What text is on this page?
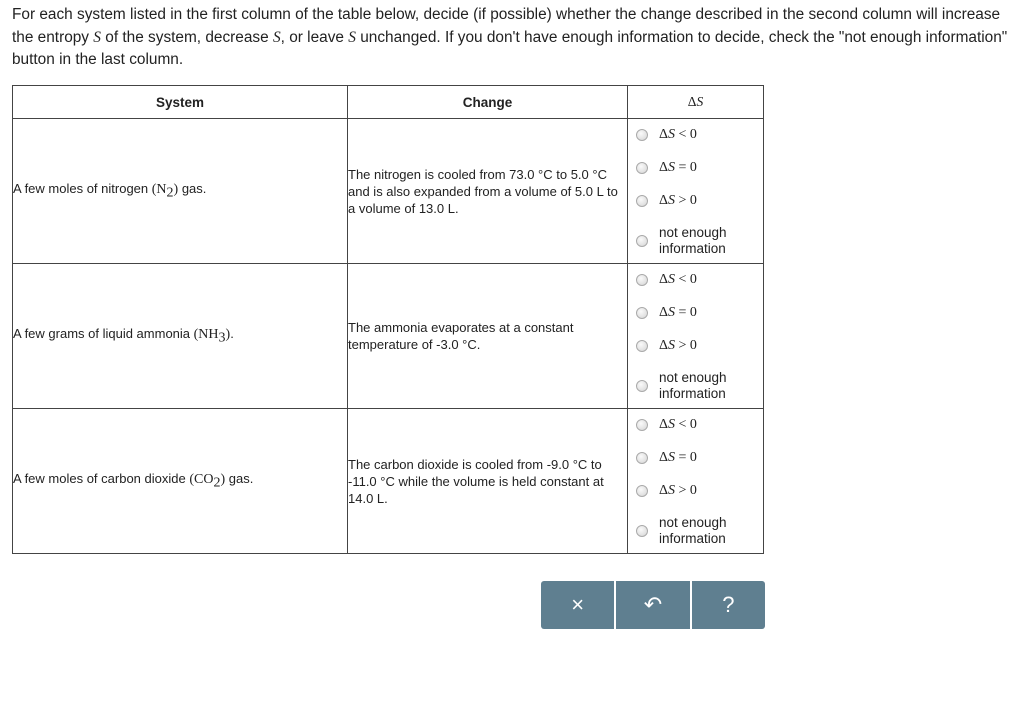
For each system listed in the first column of the table below, decide (if possible) whether the change described in the second column will increase the entropy S of the system, decrease S, or leave S unchanged. If you don't have enough information to decide, check the "not enough information" button in the last column.
System	Change	ΔS
A few moles of nitrogen $(N_2)$ gas.	The nitrogen is cooled from 73.0 °C to 5.0 °C and is also expanded from a volume of 5.0 L to a volume of 13.0 L.	ΔS < 0
ΔS = 0
ΔS > 0
not enough
information

A few grams of liquid ammonia $(NH_3)$.	The ammonia evaporates at a constant temperature of -3.0 °C.	ΔS < 0
ΔS = 0
ΔS > 0
not enough
information

A few moles of carbon dioxide $(CO_2)$ gas.	The carbon dioxide is cooled from -9.0 °C to -11.0 °C while the volume is held constant at 14.0 L.	ΔS < 0
ΔS = 0
ΔS > 0
not enough
information
×	↶	?
